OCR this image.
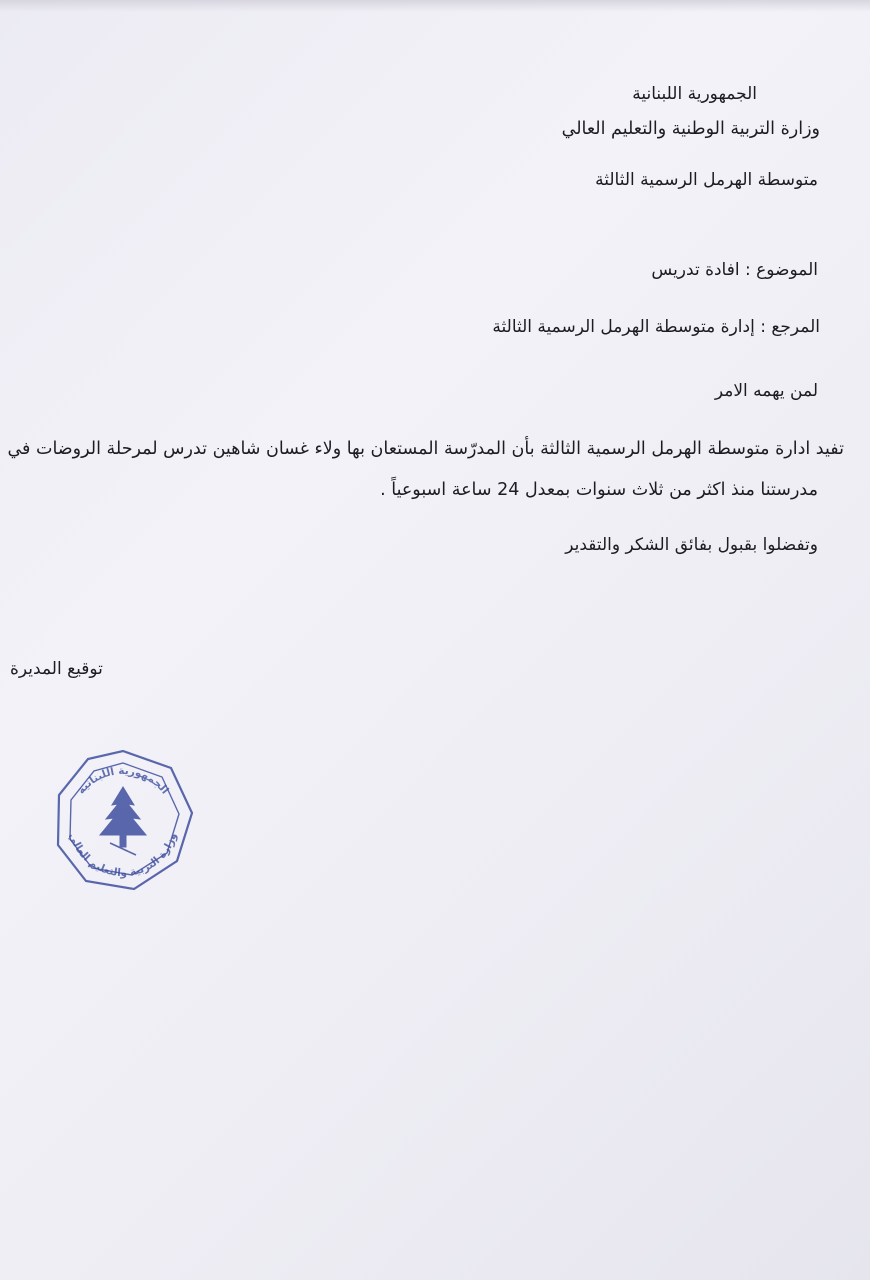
الجمهورية اللبنانية
وزارة التربية الوطنية والتعليم العالي
متوسطة الهرمل الرسمية الثالثة
الموضوع : افادة تدريس
المرجع : إدارة متوسطة الهرمل الرسمية الثالثة
لمن يهمه الامر
تفيد ادارة متوسطة الهرمل الرسمية الثالثة بأن المدرّسة المستعان بها ولاء غسان شاهين تدرس لمرحلة الروضات في
مدرستنا منذ اكثر من ثلاث سنوات بمعدل 24 ساعة اسبوعياً .
وتفضلوا بقبول بفائق الشكر والتقدير
توقيع المديرة
الجمهورية اللبنانية
وزارة التربية والتعليم العالي
